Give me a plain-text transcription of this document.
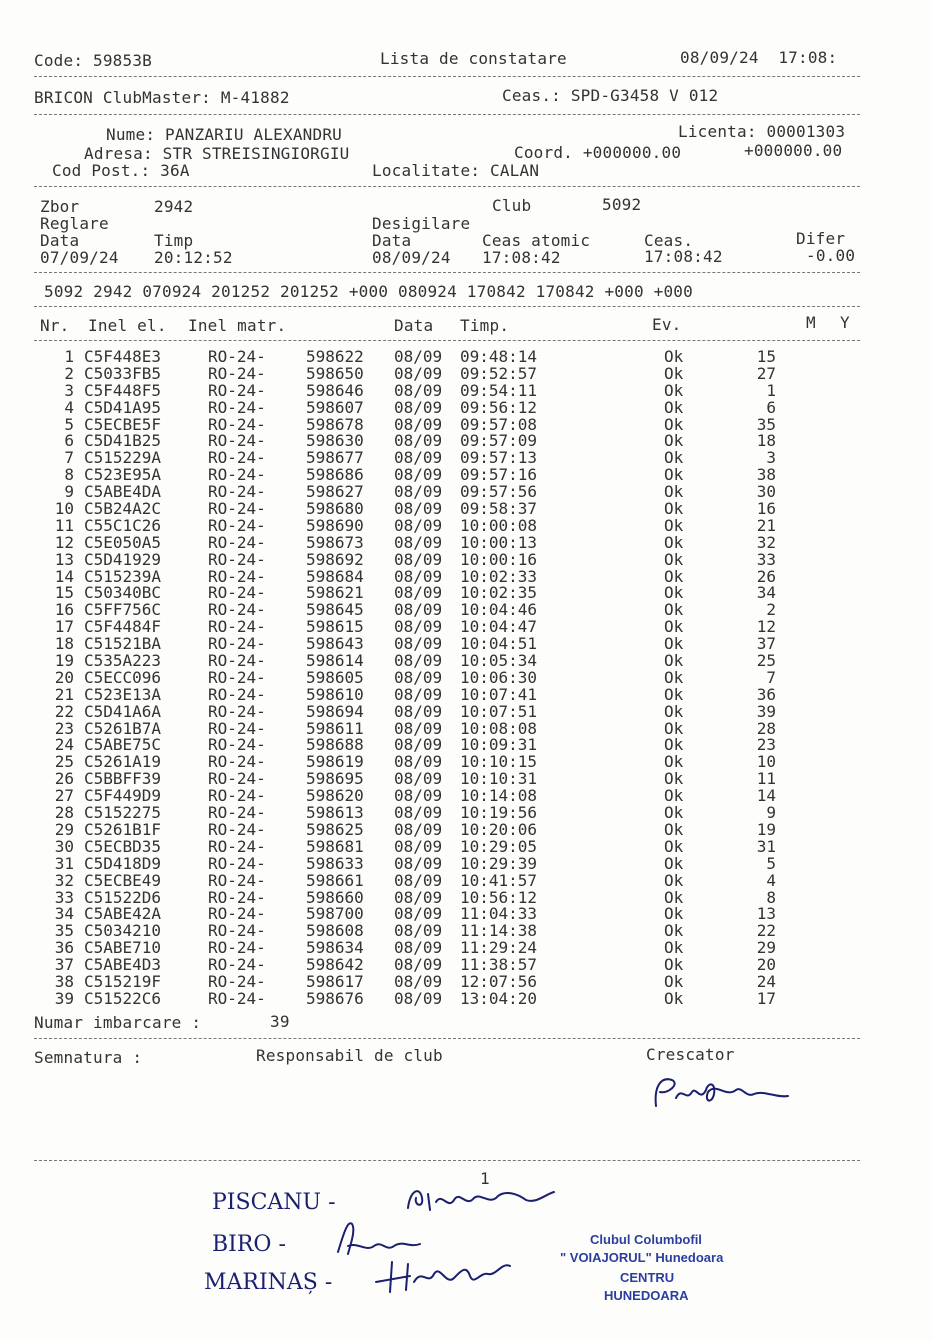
Code: 59853B	Lista de constatare	08/09/24  17:08:
BRICON ClubMaster: M-41882	Ceas.: SPD-G3458 V 012
Nume: PANZARIU ALEXANDRU	Licenta: 00001303
Adresa: STR STREISINGIORGIU	Coord. +000000.00	+000000.00
Cod Post.: 36A	Localitate: CALAN
Zbor	2942	Club	5092
Reglare	Desigilare
Data	Timp	Data	Ceas atomic	Ceas.	Difer
07/09/24 20:12:52	08/09/24 17:08:42	17:08:42	-0.00
5092 2942 070924 201252 201252 +000 080924 170842 170842 +000 +000
Nr. Inel el. Inel matr.	Data Timp.	Ev.	M Y
1 C5F448E3	RO-24-	598622 08/09 09:48:14	Ok	15
2 C5033FB5	RO-24-	598650 08/09 09:52:57	Ok	27
3 C5F448F5	RO-24-	598646 08/09 09:54:11	Ok	1
4 C5D41A95	RO-24-	598607 08/09 09:56:12	Ok	6
5 C5ECBE5F	RO-24-	598678 08/09 09:57:08	Ok	35
6 C5D41B25	RO-24-	598630 08/09 09:57:09	Ok	18
7 C515229A	RO-24-	598677 08/09 09:57:13	Ok	3
8 C523E95A	RO-24-	598686 08/09 09:57:16	Ok	38
9 C5ABE4DA	RO-24-	598627 08/09 09:57:56	Ok	30
10 C5B24A2C	RO-24-	598680 08/09 09:58:37	Ok	16
11 C55C1C26	RO-24-	598690 08/09 10:00:08	Ok	21
12 C5E050A5	RO-24-	598673 08/09 10:00:13	Ok	32
13 C5D41929	RO-24-	598692 08/09 10:00:16	Ok	33
14 C515239A	RO-24-	598684 08/09 10:02:33	Ok	26
15 C50340BC	RO-24-	598621 08/09 10:02:35	Ok	34
16 C5FF756C	RO-24-	598645 08/09 10:04:46	Ok	2
17 C5F4484F	RO-24-	598615 08/09 10:04:47	Ok	12
18 C51521BA	RO-24-	598643 08/09 10:04:51	Ok	37
19 C535A223	RO-24-	598614 08/09 10:05:34	Ok	25
20 C5ECC096	RO-24-	598605 08/09 10:06:30	Ok	7
21 C523E13A	RO-24-	598610 08/09 10:07:41	Ok	36
22 C5D41A6A	RO-24-	598694 08/09 10:07:51	Ok	39
23 C5261B7A	RO-24-	598611 08/09 10:08:08	Ok	28
24 C5ABE75C	RO-24-	598688 08/09 10:09:31	Ok	23
25 C5261A19	RO-24-	598619 08/09 10:10:15	Ok	10
26 C5BBFF39	RO-24-	598695 08/09 10:10:31	Ok	11
27 C5F449D9	RO-24-	598620 08/09 10:14:08	Ok	14
28 C5152275	RO-24-	598613 08/09 10:19:56	Ok	9
29 C5261B1F	RO-24-	598625 08/09 10:20:06	Ok	19
30 C5ECBD35	RO-24-	598681 08/09 10:29:05	Ok	31
31 C5D418D9	RO-24-	598633 08/09 10:29:39	Ok	5
32 C5ECBE49	RO-24-	598661 08/09 10:41:57	Ok	4
33 C51522D6	RO-24-	598660 08/09 10:56:12	Ok	8
34 C5ABE42A	RO-24-	598700 08/09 11:04:33	Ok	13
35 C5034210	RO-24-	598608 08/09 11:14:38	Ok	22
36 C5ABE710	RO-24-	598634 08/09 11:29:24	Ok	29
37 C5ABE4D3	RO-24-	598642 08/09 11:38:57	Ok	20
38 C515219F	RO-24-	598617 08/09 12:07:56	Ok	24
39 C51522C6	RO-24-	598676 08/09 13:04:20	Ok	17
Numar imbarcare :	39
Semnatura :	Responsabil de club	Crescator
1
PISCANU -
BIRO -
MARINAȘ -
Clubul Columbofil
" VOIAJORUL" Hunedoara
CENTRU
HUNEDOARA
